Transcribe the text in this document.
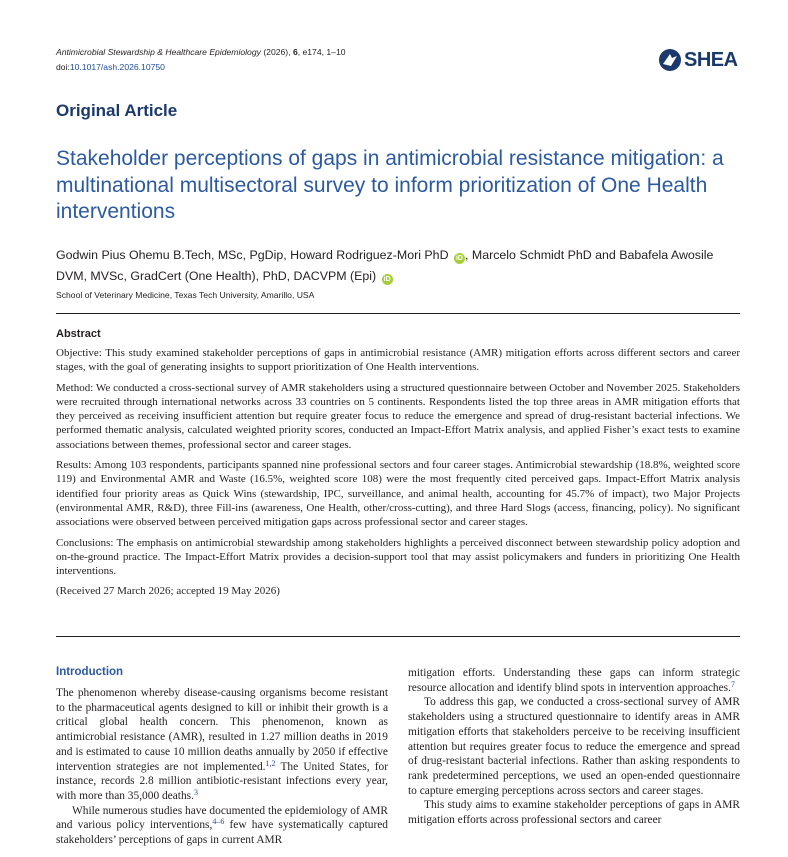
Antimicrobial Stewardship & Healthcare Epidemiology (2026), 6, e174, 1–10
doi:10.1017/ash.2026.10750	SHEA
Original Article
Stakeholder perceptions of gaps in antimicrobial resistance mitigation: a multinational multisectoral survey to inform prioritization of One Health interventions
Godwin Pius Ohemu B.Tech, MSc, PgDip, Howard Rodriguez-Mori PhD iD , Marcelo Schmidt PhD and Babafela Awosile
DVM, MVSc, GradCert (One Health), PhD, DACVPM (Epi) iD
School of Veterinary Medicine, Texas Tech University, Amarillo, USA
Abstract

Objective: This study examined stakeholder perceptions of gaps in antimicrobial resistance (AMR) mitigation efforts across different sectors and career stages, with the goal of generating insights to support prioritization of One Health interventions.

Method: We conducted a cross-sectional survey of AMR stakeholders using a structured questionnaire between October and November 2025. Stakeholders were recruited through international networks across 33 countries on 5 continents. Respondents listed the top three areas in AMR mitigation efforts that they perceived as receiving insufficient attention but require greater focus to reduce the emergence and spread of drug-resistant bacterial infections. We performed thematic analysis, calculated weighted priority scores, conducted an Impact-Effort Matrix analysis, and applied Fisher’s exact tests to examine associations between themes, professional sector and career stages.

Results: Among 103 respondents, participants spanned nine professional sectors and four career stages. Antimicrobial stewardship (18.8%, weighted score 119) and Environmental AMR and Waste (16.5%, weighted score 108) were the most frequently cited perceived gaps. Impact-Effort Matrix analysis identified four priority areas as Quick Wins (stewardship, IPC, surveillance, and animal health, accounting for 45.7% of impact), two Major Projects (environmental AMR, R&D), three Fill-ins (awareness, One Health, other/cross-cutting), and three Hard Slogs (access, financing, policy). No significant associations were observed between perceived mitigation gaps across professional sector and career stages.

Conclusions: The emphasis on antimicrobial stewardship among stakeholders highlights a perceived disconnect between stewardship policy adoption and on-the-ground practice. The Impact-Effort Matrix provides a decision-support tool that may assist policymakers and funders in prioritizing One Health interventions.

(Received 27 March 2026; accepted 19 May 2026)

Introduction

The phenomenon whereby disease-causing organisms become resistant to the pharmaceutical agents designed to kill or inhibit their growth is a critical global health concern. This phenomenon, known as antimicrobial resistance (AMR), resulted in 1.27 million deaths in 2019 and is estimated to cause 10 million deaths annually by 2050 if effective intervention strategies are not implemented.$^{1,2}$ The United States, for instance, records 2.8 million antibiotic-resistant infections every year, with more than 35,000 deaths.$^3$

While numerous studies have documented the epidemiology of AMR and various policy interventions,$^{4-6}$ few have systematically captured stakeholders’ perceptions of gaps in current AMR

mitigation efforts. Understanding these gaps can inform strategic resource allocation and identify blind spots in intervention approaches.$^7$

To address this gap, we conducted a cross-sectional survey of AMR stakeholders using a structured questionnaire to identify areas in AMR mitigation efforts that stakeholders perceive to be receiving insufficient attention but requires greater focus to reduce the emergence and spread of drug-resistant bacterial infections. Rather than asking respondents to rank predetermined perceptions, we used an open-ended questionnaire to capture emerging perceptions across sectors and career stages.

This study aims to examine stakeholder perceptions of gaps in AMR mitigation efforts across professional sectors and career
